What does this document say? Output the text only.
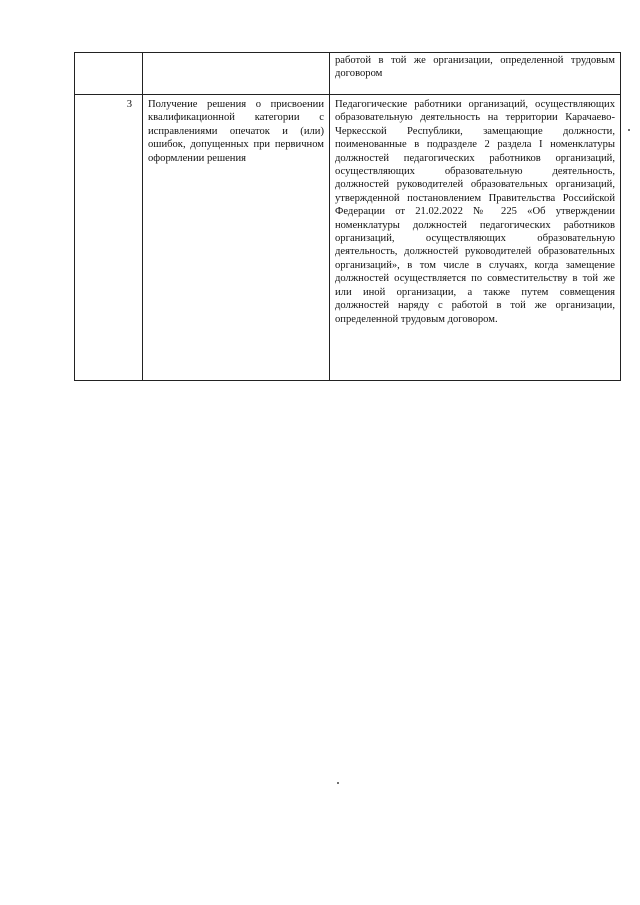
		работой в той же организации, определенной трудовым договором
3	Получение решения о присвоении квалификационной категории с исправлениями опечаток и (или) ошибок, допущенных при первичном оформлении решения	Педагогические работники организаций, осуществляющих образовательную деятельность на территории Карачаево-Черкесской Республики, замещающие должности, поименованные в подразделе 2 раздела I номенклатуры должностей педагогических работников организаций, осуществляющих образовательную деятельность, должностей руководителей образовательных организаций, утвержденной постановлением Правительства Российской Федерации от 21.02.2022 № 225 «Об утверждении номенклатуры должностей педагогических работников организаций, осуществляющих образовательную деятельность, должностей руководителей образовательных организаций», в том числе в случаях, когда замещение должностей осуществляется по совместительству в той же или иной организации, а также путем совмещения должностей наряду с работой в той же организации, определенной трудовым договором.
